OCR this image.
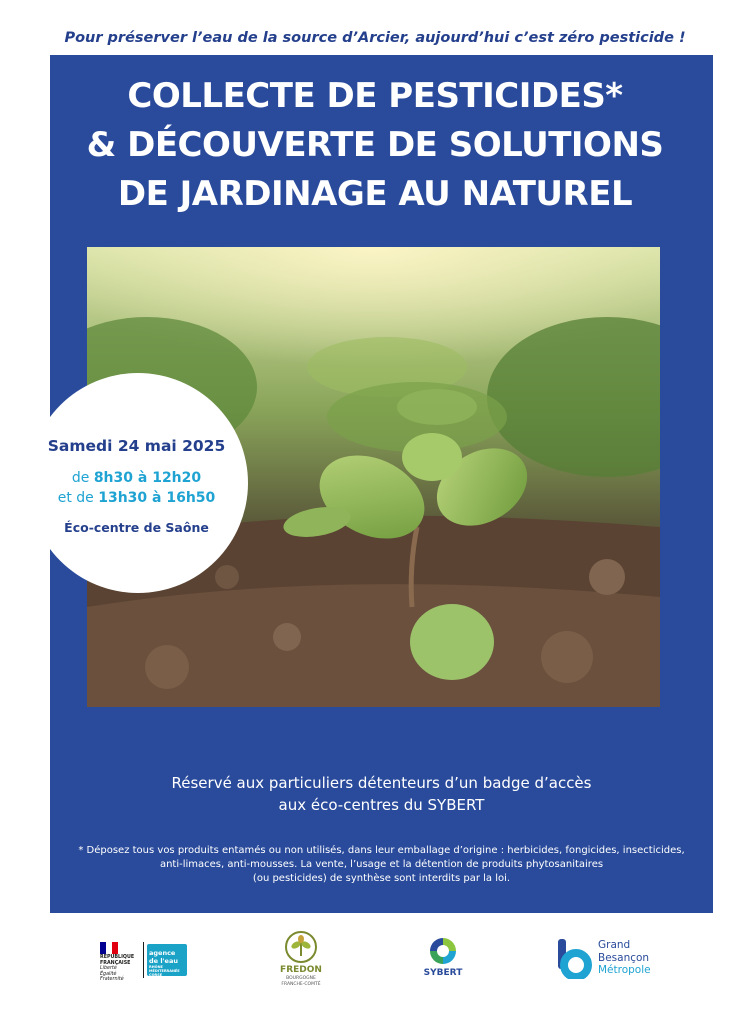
Pour préserver l’eau de la source d’Arcier, aujourd’hui c’est zéro pesticide !
COLLECTE DE PESTICIDES*
& DÉCOUVERTE DE SOLUTIONS
DE JARDINAGE AU NATUREL
Samedi 24 mai 2025
de 8h30 à 12h20
et de 13h30 à 16h50
Éco-centre de Saône
Direction communication Grand Besançon Métropole · IMPRIM'VERT® Imprimerie municipale
Réservé aux particuliers détenteurs d’un badge d’accès
aux éco-centres du SYBERT
* Déposez tous vos produits entamés ou non utilisés, dans leur emballage d’origine : herbicides, fongicides, insecticides,
anti-limaces, anti-mousses. La vente, l’usage et la détention de produits phytosanitaires
(ou pesticides) de synthèse sont interdits par la loi.
RÉPUBLIQUE
FRANÇAISE
Liberté
Égalité
Fraternité
agence
de l'eau
RHÔNE MÉDITERRANÉE CORSE	FREDON
BOURGOGNE
FRANCHE-COMTÉ
SYBERT
Grand
Besançon
Métropole
